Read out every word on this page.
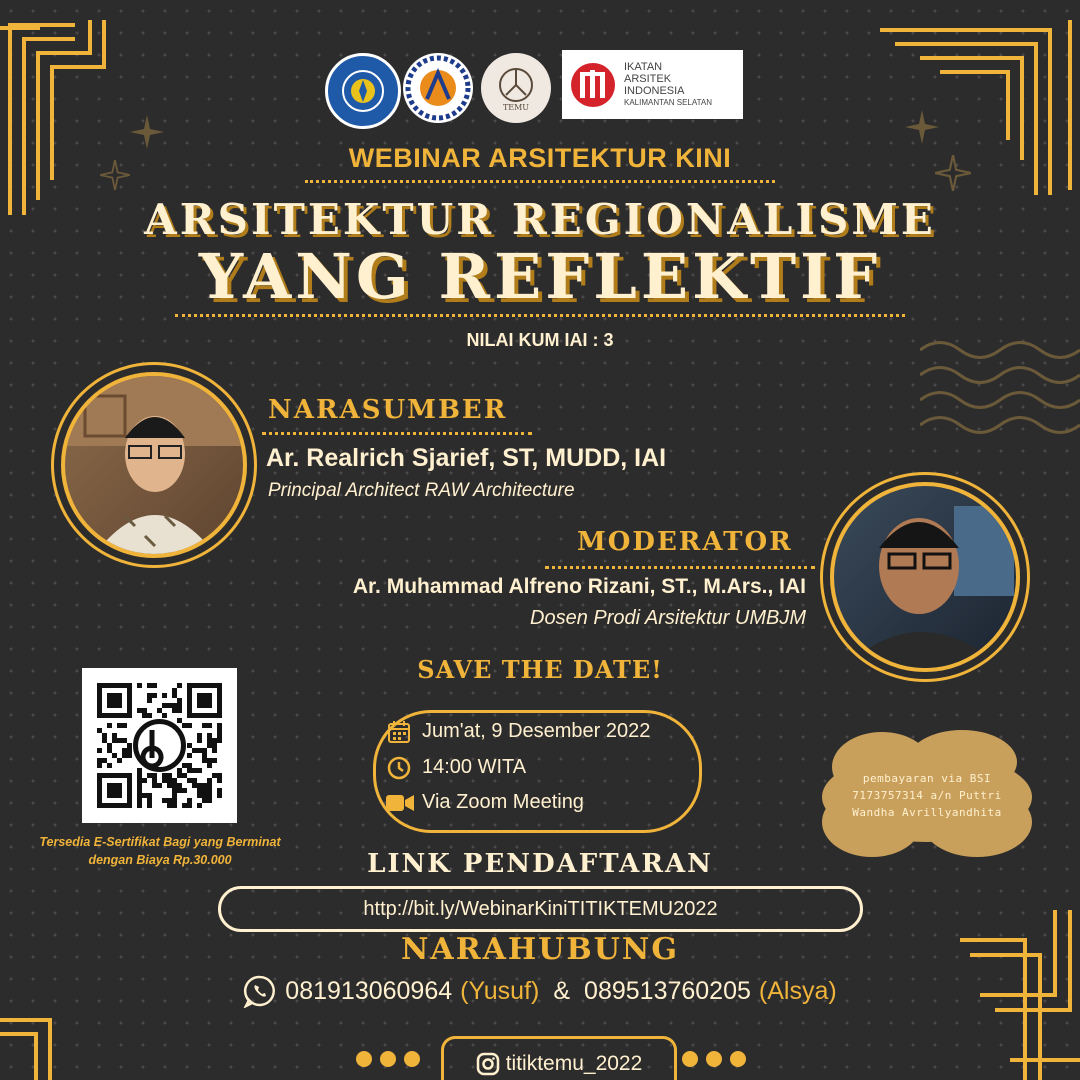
TEMU
IKATAN
ARSITEK
INDONESIA
KALIMANTAN SELATAN
WEBINAR ARSITEKTUR KINI
ARSITEKTUR REGIONALISME
YANG REFLEKTIF
NILAI KUM IAI : 3
NARASUMBER
Ar. Realrich Sjarief, ST, MUDD, IAI
Principal Architect RAW Architecture
MODERATOR
Ar. Muhammad Alfreno Rizani, ST., M.Ars., IAI
Dosen Prodi Arsitektur UMBJM
SAVE THE DATE!
Jum'at, 9 Desember 2022
14:00 WITA
Via Zoom Meeting
Tersedia E-Sertifikat Bagi yang Berminat
dengan Biaya Rp.30.000
pembayaran via BSI
7173757314 a/n Puttri
Wandha Avrillyandhita
LINK PENDAFTARAN
http://bit.ly/WebinarKiniTITIKTEMU2022
NARAHUBUNG
081913060964 (Yusuf) & 089513760205 (Alsya)
titiktemu_2022
